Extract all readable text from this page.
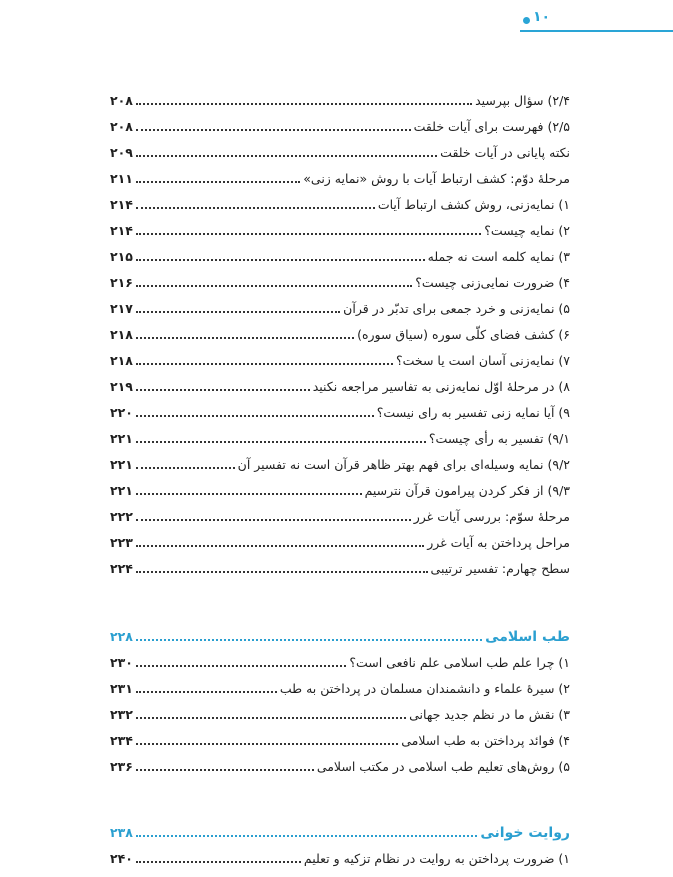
۱۰
۲/۴) سؤال بپرسید
۲۰۸
۲/۵) فهرست برای آیات خلقت
۲۰۸
نکته پایانی در آیات خلقت
۲۰۹
مرحلهٔ دوّم: کشف ارتباط آیات با روش «نمایه زنی»
۲۱۱
۱) نمایه‌زنی، روش کشف ارتباط آیات
۲۱۴
۲) نمایه چیست؟
۲۱۴
۳) نمایه کلمه است نه جمله
۲۱۵
۴) ضرورت نمایی‌زنی چیست؟
۲۱۶
۵) نمایه‌زنی و خرد جمعی برای تدبّر در قرآن
۲۱۷
۶) کشف فضای کلّی سوره (سیاق سوره)
۲۱۸
۷) نمایه‌زنی آسان است یا سخت؟
۲۱۸
۸) در مرحلهٔ اوّل نمایه‌زنی به تفاسیر مراجعه نکنید
۲۱۹
۹) آیا نمایه زنی تفسیر به رای نیست؟
۲۲۰
۹/۱) تفسیر به رأی چیست؟
۲۲۱
۹/۲) نمایه وسیله‌ای برای فهم بهتر ظاهر قرآن است نه تفسیر آن
۲۲۱
۹/۳) از فکر کردن پیرامون قرآن نترسیم
۲۲۱
مرحلهٔ سوّم: بررسی آیات غرر
۲۲۲
مراحل پرداختن به آیات غرر
۲۲۳
سطح چهارم: تفسیر ترتیبی
۲۲۴
طب اسلامی
۲۲۸
۱) چرا علم طب اسلامی علم نافعی است؟
۲۳۰
۲) سیرهٔ علماء و دانشمندان مسلمان در پرداختن به طب
۲۳۱
۳) نقش ما در نظم جدید جهانی
۲۳۲
۴) فوائد پرداختن به طب اسلامی
۲۳۴
۵) روش‌های تعلیم طب اسلامی در مکتب اسلامی
۲۳۶
روایت خوانی
۲۳۸
۱) ضرورت پرداختن به روایت در نظام تزکیه و تعلیم
۲۴۰
